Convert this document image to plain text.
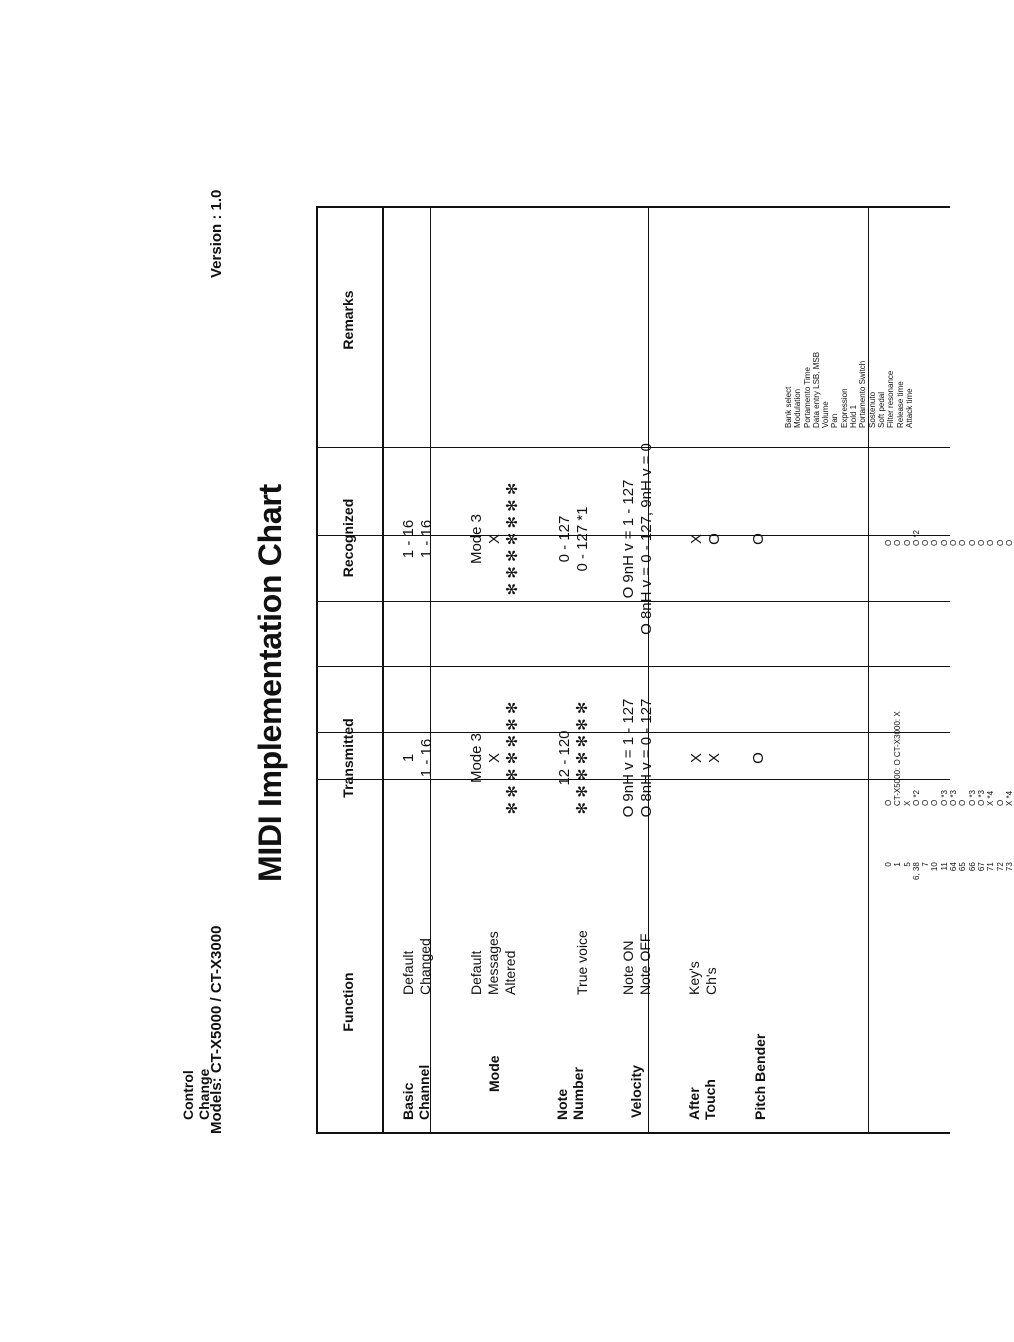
Models: CT-X5000 / CT-X3000
Version : 1.0
MIDI Implementation Chart
Function
Transmitted
Recognized
Remarks
Basic Channel
Default Changed
Mode
Default Messages Altered
Note Number
True voice
Velocity
Note ON Note OFF
After Touch
Key's Ch's
Pitch Bender
Control Change
1 1 - 16 Mode 3 X ✻ ✻ ✻ ✻ ✻ ✻ ✻ 12 - 120 ✻ ✻ ✻ ✻ ✻ ✻ ✻ O 9nH v = 1 - 127 O 8nH v = 0 - 127 X X O
1 - 16 1 - 16 Mode 3 X ✻ ✻ ✻ ✻ ✻ ✻ ✻ 0 - 127 0 - 127 *1 O 9nH v = 1 - 127 O 8nH v = 0 - 127, 9nH v = 0 X O O
0 1 5 6, 38 7 10 11 64 65 66 67 71 72 73
O CT-X5000: O CT-X3000: X X O *2 O O O *3 O *3 O O *3 O *3 X *4 O X *4
O O O O *2 O O O O O O O O O O
Bank select Modulation Portamento Time Data entry LSB, MSB Volume Pan Expression Hold 1 Portamento Switch Sostenuto Soft pedal Filter resonance Release time Attack time
